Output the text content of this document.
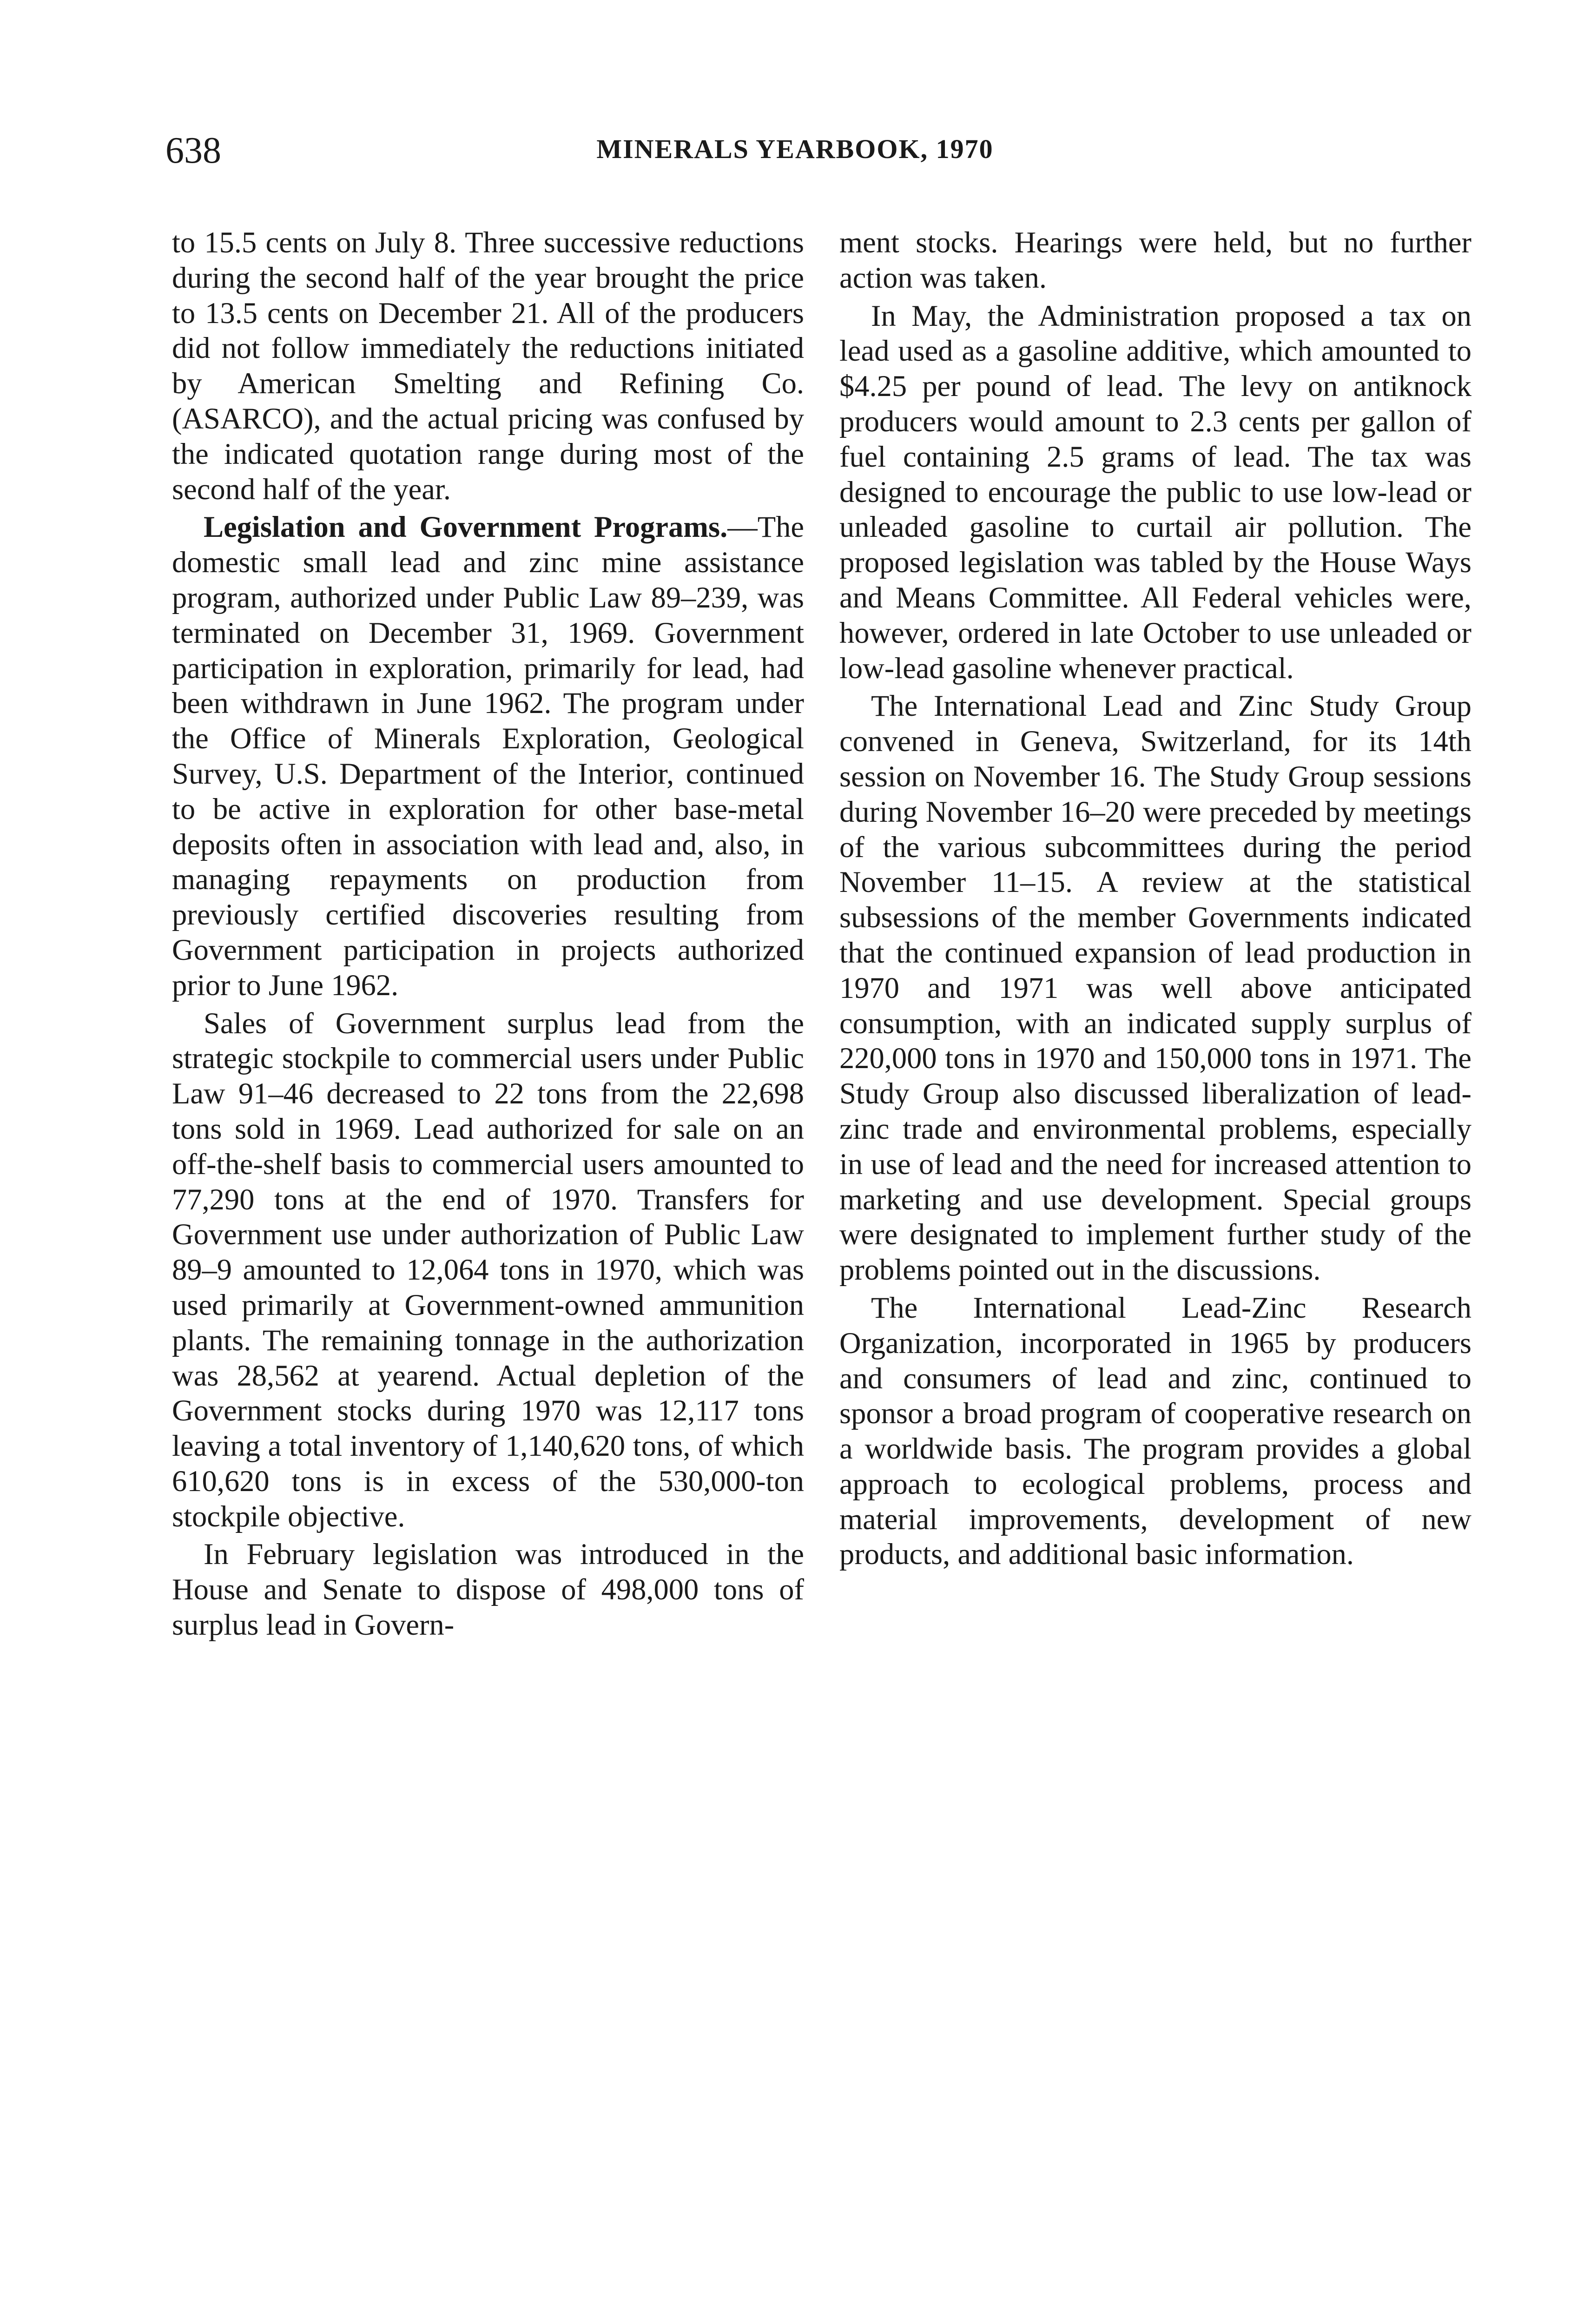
638	MINERALS YEARBOOK, 1970

to 15.5 cents on July 8. Three successive reductions during the second half of the year brought the price to 13.5 cents on December 21. All of the producers did not follow immediately the reductions initiated by American Smelting and Refining Co. (ASARCO), and the actual pricing was confused by the indicated quotation range during most of the second half of the year.

Legislation and Government Programs.—The domestic small lead and zinc mine assistance program, authorized under Public Law 89–239, was terminated on December 31, 1969. Government participation in exploration, primarily for lead, had been withdrawn in June 1962. The program under the Office of Minerals Exploration, Geological Survey, U.S. Department of the Interior, continued to be active in exploration for other base-metal deposits often in association with lead and, also, in managing repayments on production from previously certified discoveries resulting from Government participation in projects authorized prior to June 1962.

Sales of Government surplus lead from the strategic stockpile to commercial users under Public Law 91–46 decreased to 22 tons from the 22,698 tons sold in 1969. Lead authorized for sale on an off-the-shelf basis to commercial users amounted to 77,290 tons at the end of 1970. Transfers for Government use under authorization of Public Law 89–9 amounted to 12,064 tons in 1970, which was used primarily at Government-owned ammunition plants. The remaining tonnage in the authorization was 28,562 at yearend. Actual depletion of the Government stocks during 1970 was 12,117 tons leaving a total inventory of 1,140,620 tons, of which 610,620 tons is in excess of the 530,000-ton stockpile objective.

In February legislation was introduced in the House and Senate to dispose of 498,000 tons of surplus lead in Govern-

ment stocks. Hearings were held, but no further action was taken.

In May, the Administration proposed a tax on lead used as a gasoline additive, which amounted to $4.25 per pound of lead. The levy on antiknock producers would amount to 2.3 cents per gallon of fuel containing 2.5 grams of lead. The tax was designed to encourage the public to use low-lead or unleaded gasoline to curtail air pollution. The proposed legislation was tabled by the House Ways and Means Committee. All Federal vehicles were, however, ordered in late October to use unleaded or low-lead gasoline whenever practical.

The International Lead and Zinc Study Group convened in Geneva, Switzerland, for its 14th session on November 16. The Study Group sessions during November 16–20 were preceded by meetings of the various subcommittees during the period November 11–15. A review at the statistical subsessions of the member Governments indicated that the continued expansion of lead production in 1970 and 1971 was well above anticipated consumption, with an indicated supply surplus of 220,000 tons in 1970 and 150,000 tons in 1971. The Study Group also discussed liberalization of lead-zinc trade and environmental problems, especially in use of lead and the need for increased attention to marketing and use development. Special groups were designated to implement further study of the problems pointed out in the discussions.

The International Lead-Zinc Research Organization, incorporated in 1965 by producers and consumers of lead and zinc, continued to sponsor a broad program of cooperative research on a worldwide basis. The program provides a global approach to ecological problems, process and material improvements, development of new products, and additional basic information.
